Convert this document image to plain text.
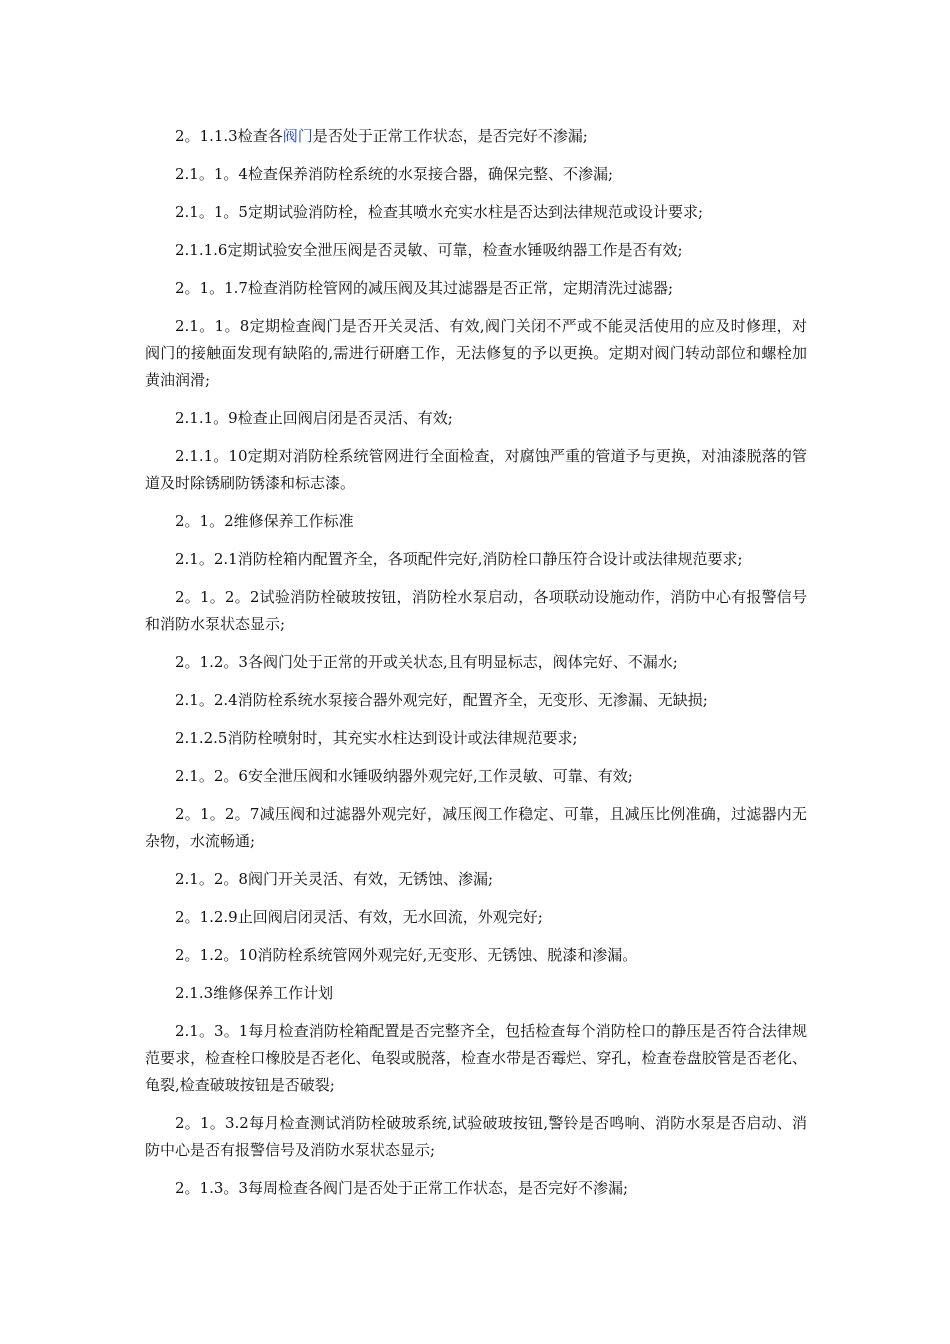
2。1.1.3检查各阀门是否处于正常工作状态，是否完好不渗漏;

2.1。1。4检查保养消防栓系统的水泵接合器，确保完整、不渗漏;

2.1。1。5定期试验消防栓，检查其喷水充实水柱是否达到法律规范或设计要求;

2.1.1.6定期试验安全泄压阀是否灵敏、可靠，检查水锤吸纳器工作是否有效;

2。1。1.7检查消防栓管网的减压阀及其过滤器是否正常，定期清洗过滤器;

2.1。1。8定期检查阀门是否开关灵活、有效,阀门关闭不严或不能灵活使用的应及时修理，对阀门的接触面发现有缺陷的,需进行研磨工作，无法修复的予以更换。定期对阀门转动部位和螺栓加黄油润滑;

2.1.1。9检查止回阀启闭是否灵活、有效;

2.1.1。10定期对消防栓系统管网进行全面检查，对腐蚀严重的管道予与更换，对油漆脱落的管道及时除锈刷防锈漆和标志漆。

2。1。2维修保养工作标准

2.1。2.1消防栓箱内配置齐全，各项配件完好,消防栓口静压符合设计或法律规范要求;

2。1。2。2试验消防栓破玻按钮，消防栓水泵启动，各项联动设施动作，消防中心有报警信号和消防水泵状态显示;

2。1.2。3各阀门处于正常的开或关状态,且有明显标志，阀体完好、不漏水;

2.1。2.4消防栓系统水泵接合器外观完好，配置齐全，无变形、无渗漏、无缺损;

2.1.2.5消防栓喷射时，其充实水柱达到设计或法律规范要求;

2.1。2。6安全泄压阀和水锤吸纳器外观完好,工作灵敏、可靠、有效;

2。1。2。7减压阀和过滤器外观完好，减压阀工作稳定、可靠，且减压比例准确，过滤器内无杂物，水流畅通;

2.1。2。8阀门开关灵活、有效，无锈蚀、渗漏;

2。1.2.9止回阀启闭灵活、有效，无水回流，外观完好;

2。1.2。10消防栓系统管网外观完好,无变形、无锈蚀、脱漆和渗漏。

2.1.3维修保养工作计划

2.1。3。1每月检查消防栓箱配置是否完整齐全，包括检查每个消防栓口的静压是否符合法律规范要求，检查栓口橡胶是否老化、龟裂或脱落，检查水带是否霉烂、穿孔，检查卷盘胶管是否老化、龟裂,检查破玻按钮是否破裂;

2。1。3.2每月检查测试消防栓破玻系统,试验破玻按钮,警铃是否鸣响、消防水泵是否启动、消防中心是否有报警信号及消防水泵状态显示;

2。1.3。3每周检查各阀门是否处于正常工作状态，是否完好不渗漏;
